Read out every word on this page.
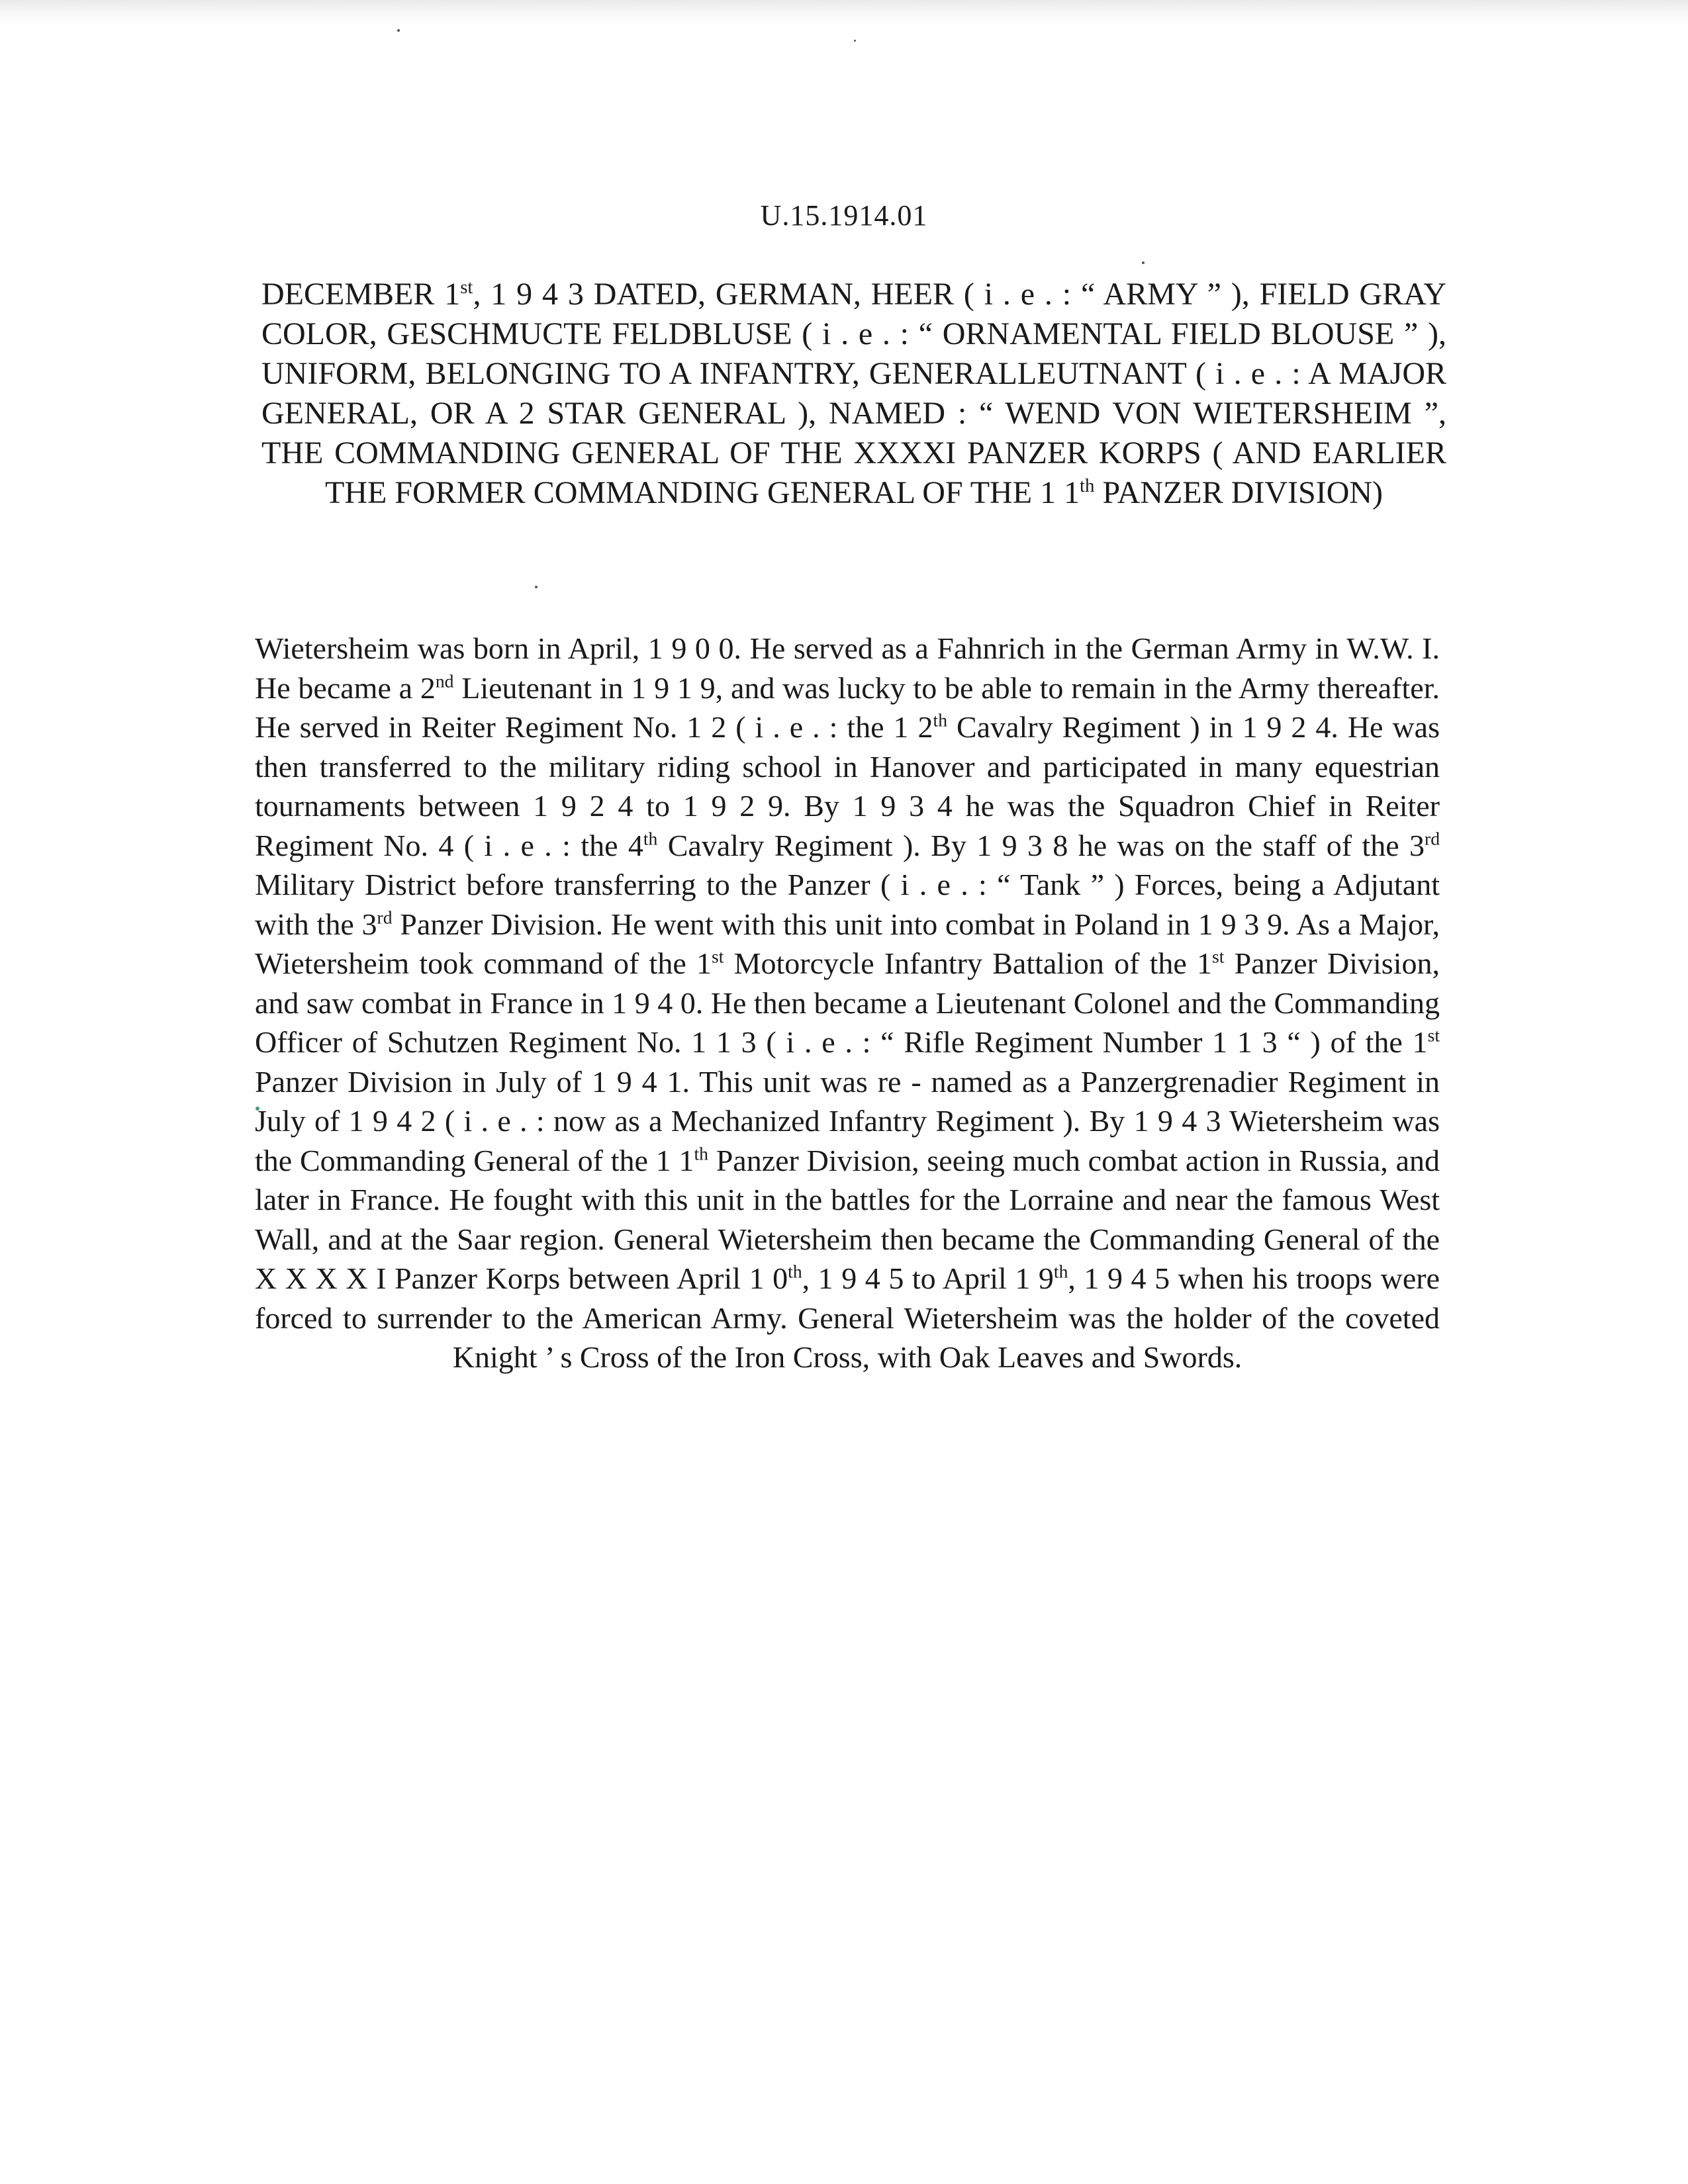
U.15.1914.01
DECEMBER 1st, 1 9 4 3 DATED, GERMAN, HEER ( i . e . : “ ARMY ” ), FIELD GRAY COLOR, GESCHMUCTE FELDBLUSE ( i . e . : “ ORNAMENTAL FIELD BLOUSE ” ), UNIFORM, BELONGING TO A INFANTRY, GENERALLEUTNANT ( i . e . : A MAJOR GENERAL, OR A 2 STAR GENERAL ), NAMED : “ WEND VON WIETERSHEIM ”, THE COMMANDING GENERAL OF THE XXXXI PANZER KORPS ( AND EARLIER THE FORMER COMMANDING GENERAL OF THE 1 1th PANZER DIVISION)
Wietersheim was born in April, 1 9 0 0. He served as a Fahnrich in the German Army in W.W. I. He became a 2nd Lieutenant in 1 9 1 9, and was lucky to be able to remain in the Army thereafter. He served in Reiter Regiment No. 1 2 ( i . e . : the 1 2th Cavalry Regiment ) in 1 9 2 4. He was then transferred to the military riding school in Hanover and participated in many equestrian tournaments between 1 9 2 4 to 1 9 2 9. By 1 9 3 4 he was the Squadron Chief in Reiter Regiment No. 4 ( i . e . : the 4th Cavalry Regiment ). By 1 9 3 8 he was on the staff of the 3rd Military District before transferring to the Panzer ( i . e . : “ Tank ” ) Forces, being a Adjutant with the 3rd Panzer Division. He went with this unit into combat in Poland in 1 9 3 9. As a Major, Wietersheim took command of the 1st Motorcycle Infantry Battalion of the 1st Panzer Division, and saw combat in France in 1 9 4 0. He then became a Lieutenant Colonel and the Commanding Officer of Schutzen Regiment No. 1 1 3 ( i . e . : “ Rifle Regiment Number 1 1 3 “ ) of the 1st Panzer Division in July of 1 9 4 1. This unit was re - named as a Panzergrenadier Regiment in July of 1 9 4 2 ( i . e . : now as a Mechanized Infantry Regiment ). By 1 9 4 3 Wietersheim was the Commanding General of the 1 1th Panzer Division, seeing much combat action in Russia, and later in France. He fought with this unit in the battles for the Lorraine and near the famous West Wall, and at the Saar region. General Wietersheim then became the Commanding General of the X X X X I Panzer Korps between April 1 0th, 1 9 4 5 to April 1 9th, 1 9 4 5 when his troops were forced to surrender to the American Army. General Wietersheim was the holder of the coveted Knight ’ s Cross of the Iron Cross, with Oak Leaves and Swords.
